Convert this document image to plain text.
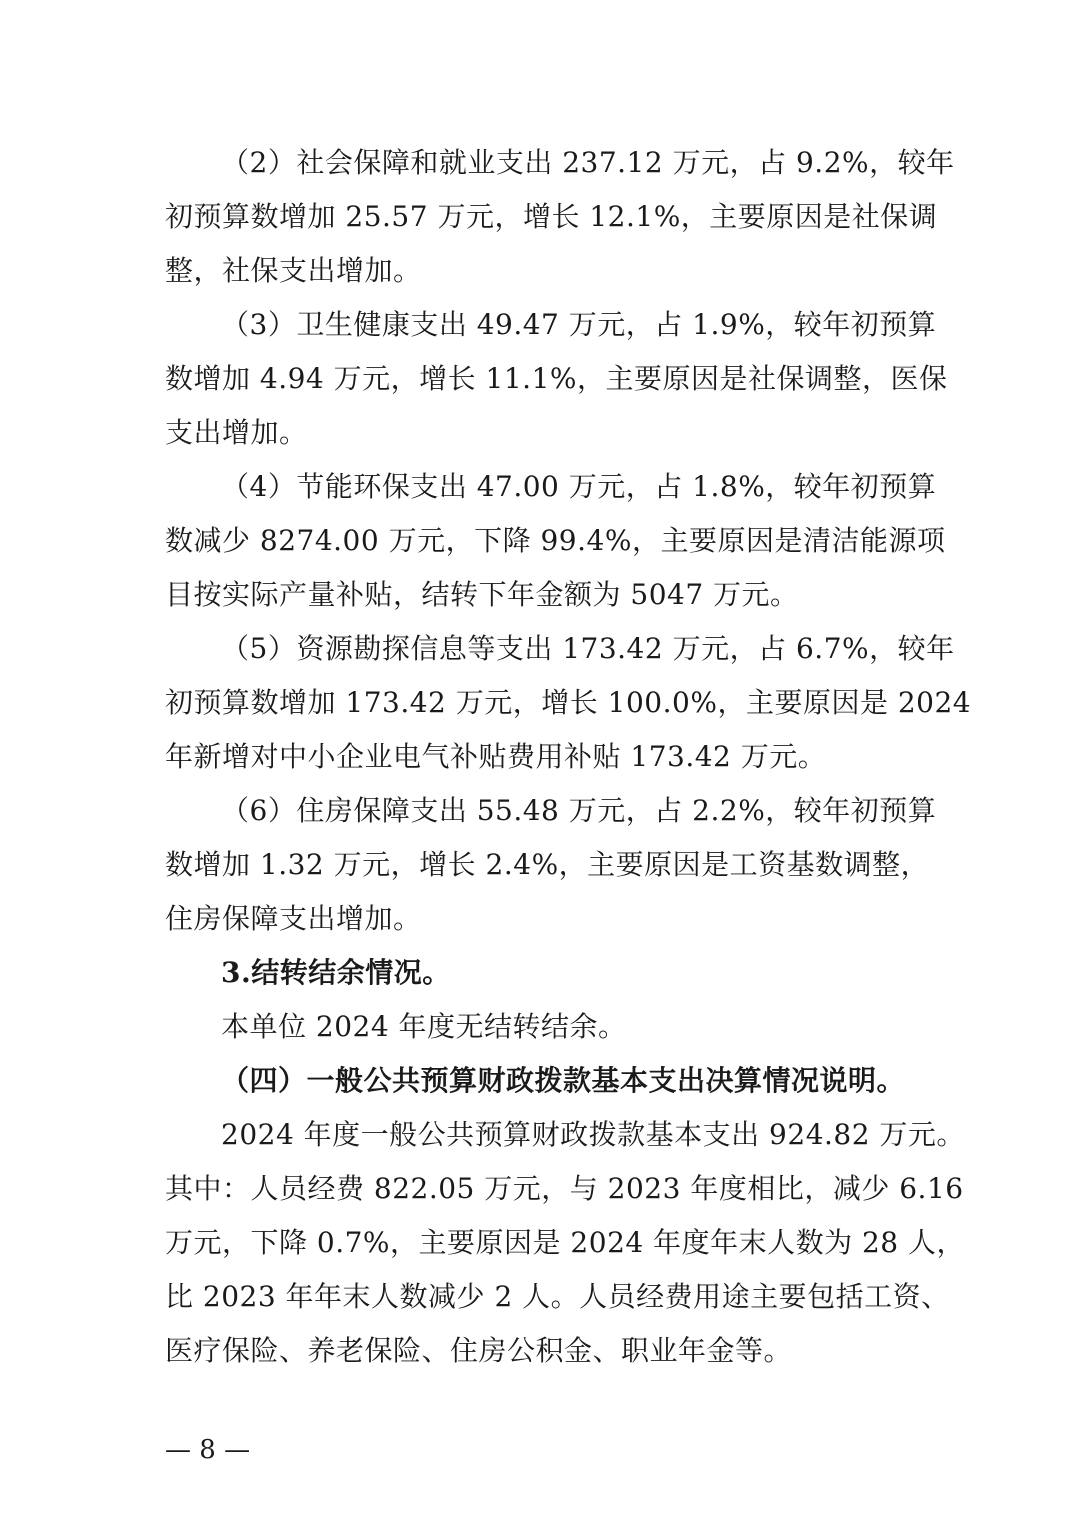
（2）社会保障和就业支出 237.12 万元，占 9.2%，较年
初预算数增加 25.57 万元，增长 12.1%，主要原因是社保调
整，社保支出增加。
（3）卫生健康支出 49.47 万元，占 1.9%，较年初预算
数增加 4.94 万元，增长 11.1%，主要原因是社保调整，医保
支出增加。
（4）节能环保支出 47.00 万元，占 1.8%，较年初预算
数减少 8274.00 万元，下降 99.4%，主要原因是清洁能源项
目按实际产量补贴，结转下年金额为 5047 万元。
（5）资源勘探信息等支出 173.42 万元，占 6.7%，较年
初预算数增加 173.42 万元，增长 100.0%，主要原因是 2024
年新增对中小企业电气补贴费用补贴 173.42 万元。
（6）住房保障支出 55.48 万元，占 2.2%，较年初预算
数增加 1.32 万元，增长 2.4%，主要原因是工资基数调整，
住房保障支出增加。
3.结转结余情况。
本单位 2024 年度无结转结余。
（四）一般公共预算财政拨款基本支出决算情况说明。
2024 年度一般公共预算财政拨款基本支出 924.82 万元。
其中：人员经费 822.05 万元，与 2023 年度相比，减少 6.16
万元，下降 0.7%，主要原因是 2024 年度年末人数为 28 人，
比 2023 年年末人数减少 2 人。人员经费用途主要包括工资、
医疗保险、养老保险、住房公积金、职业年金等。
— 8 —
